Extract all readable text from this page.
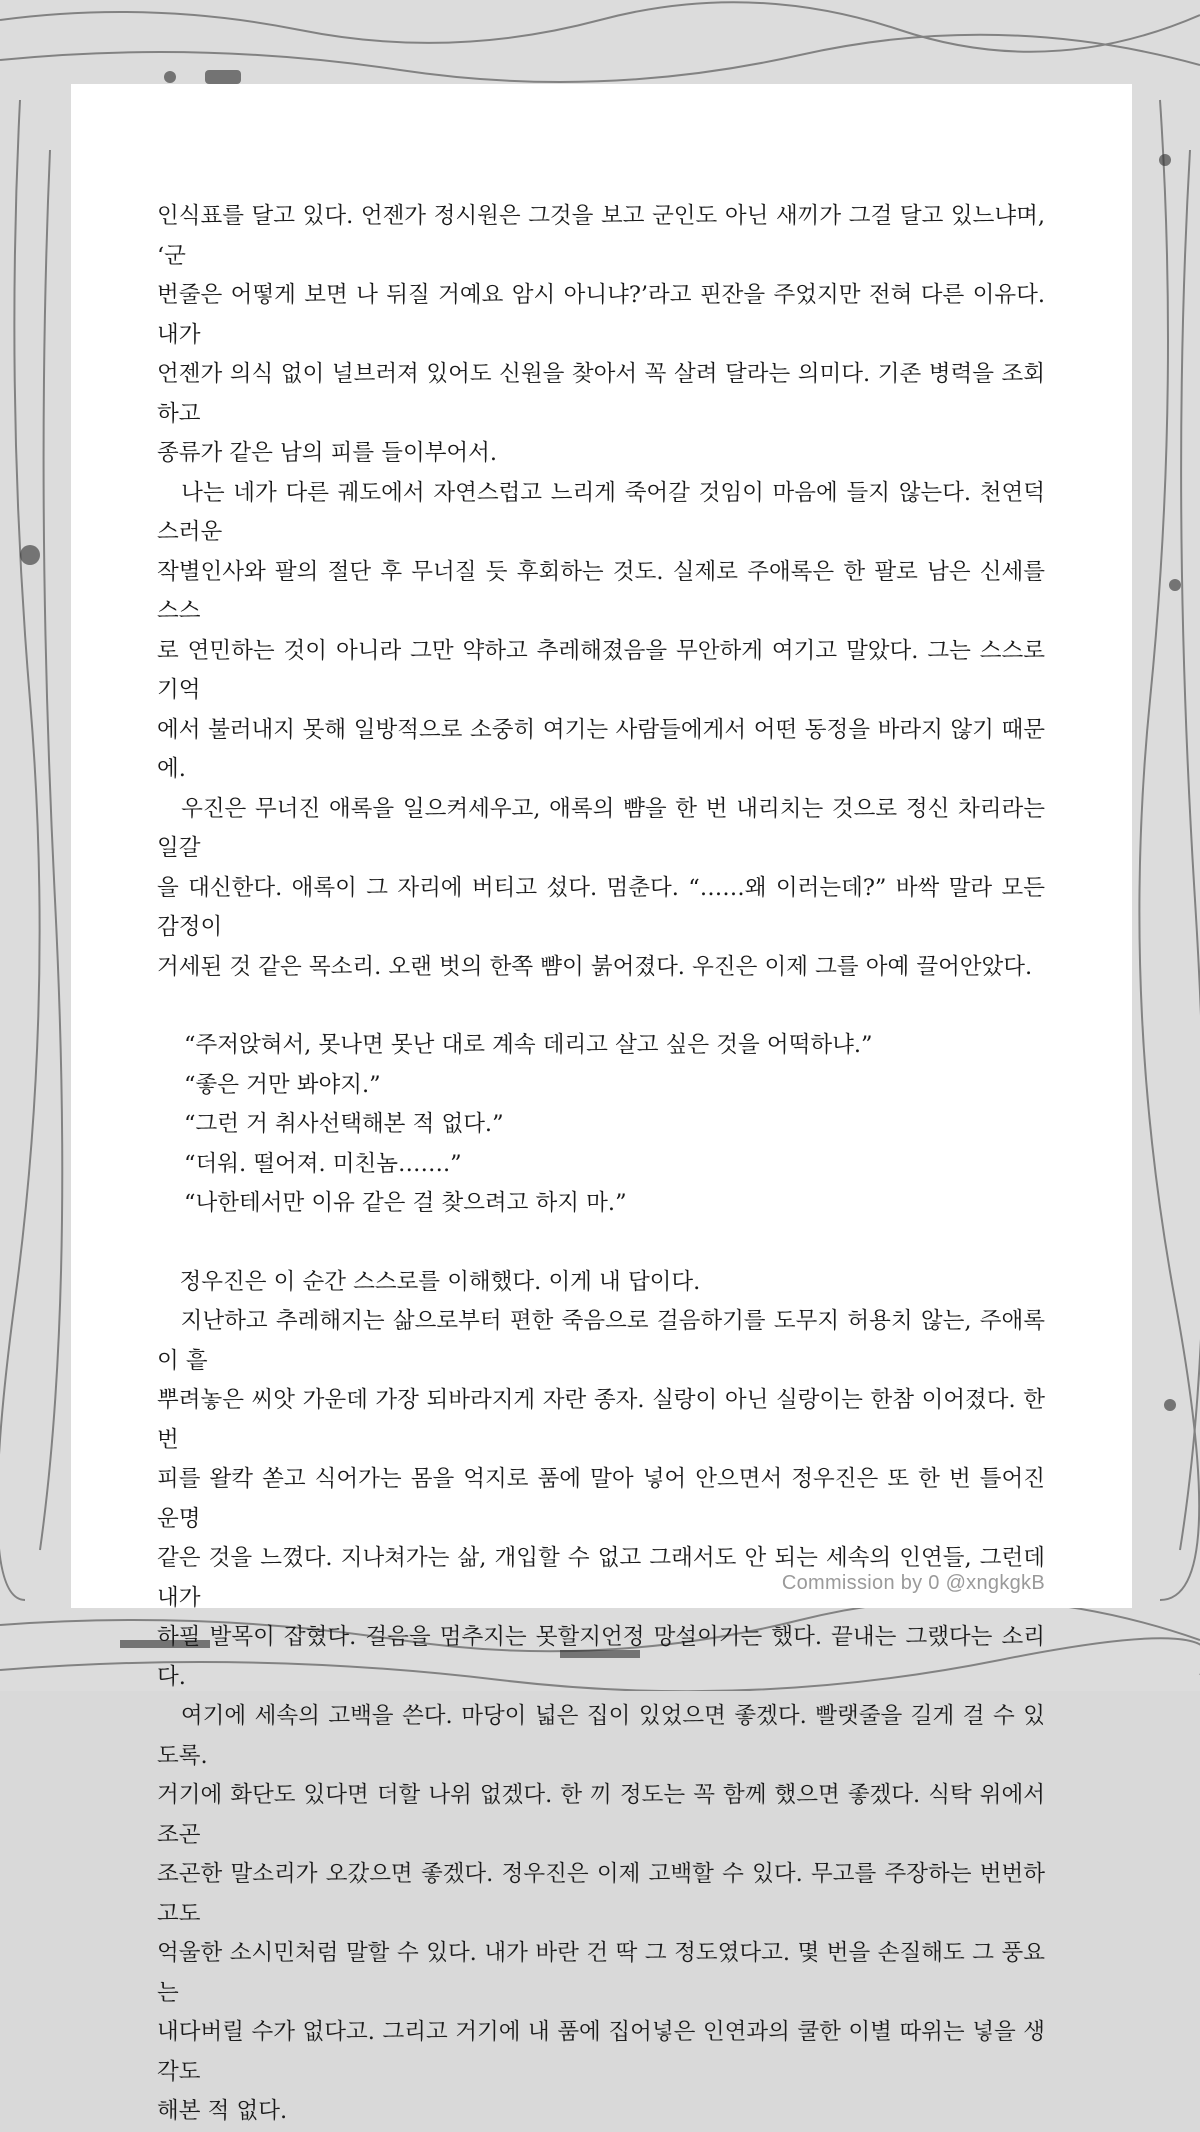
인식표를 달고 있다. 언젠가 정시원은 그것을 보고 군인도 아닌 새끼가 그걸 달고 있느냐며, ‘군
번줄은 어떻게 보면 나 뒤질 거예요 암시 아니냐?’라고 핀잔을 주었지만 전혀 다른 이유다. 내가
언젠가 의식 없이 널브러져 있어도 신원을 찾아서 꼭 살려 달라는 의미다. 기존 병력을 조회하고
종류가 같은 남의 피를 들이부어서.

　나는 네가 다른 궤도에서 자연스럽고 느리게 죽어갈 것임이 마음에 들지 않는다. 천연덕스러운
작별인사와 팔의 절단 후 무너질 듯 후회하는 것도. 실제로 주애록은 한 팔로 남은 신세를 스스
로 연민하는 것이 아니라 그만 약하고 추레해졌음을 무안하게 여기고 말았다. 그는 스스로 기억
에서 불러내지 못해 일방적으로 소중히 여기는 사람들에게서 어떤 동정을 바라지 않기 때문에.

　우진은 무너진 애록을 일으켜세우고, 애록의 뺨을 한 번 내리치는 것으로 정신 차리라는 일갈
을 대신한다. 애록이 그 자리에 버티고 섰다. 멈춘다. “……왜 이러는데?” 바싹 말라 모든 감정이
거세된 것 같은 목소리. 오랜 벗의 한쪽 뺨이 붉어졌다. 우진은 이제 그를 아예 끌어안았다.

“주저앉혀서, 못나면 못난 대로 계속 데리고 살고 싶은 것을 어떡하냐.”

“좋은 거만 봐야지.”

“그런 거 취사선택해본 적 없다.”

“더워. 떨어져. 미친놈…….”

“나한테서만 이유 같은 걸 찾으려고 하지 마.”

　정우진은 이 순간 스스로를 이해했다. 이게 내 답이다.

　지난하고 추레해지는 삶으로부터 편한 죽음으로 걸음하기를 도무지 허용치 않는, 주애록이 흩
뿌려놓은 씨앗 가운데 가장 되바라지게 자란 종자. 실랑이 아닌 실랑이는 한참 이어졌다. 한 번
피를 왈칵 쏟고 식어가는 몸을 억지로 품에 말아 넣어 안으면서 정우진은 또 한 번 틀어진 운명
같은 것을 느꼈다. 지나쳐가는 삶, 개입할 수 없고 그래서도 안 되는 세속의 인연들, 그런데 내가
하필 발목이 잡혔다. 걸음을 멈추지는 못할지언정 망설이기는 했다. 끝내는 그랬다는 소리다.

　여기에 세속의 고백을 쓴다. 마당이 넓은 집이 있었으면 좋겠다. 빨랫줄을 길게 걸 수 있도록.
거기에 화단도 있다면 더할 나위 없겠다. 한 끼 정도는 꼭 함께 했으면 좋겠다. 식탁 위에서 조곤
조곤한 말소리가 오갔으면 좋겠다. 정우진은 이제 고백할 수 있다. 무고를 주장하는 번번하고도
억울한 소시민처럼 말할 수 있다. 내가 바란 건 딱 그 정도였다고. 몇 번을 손질해도 그 풍요는
내다버릴 수가 없다고. 그리고 거기에 내 품에 집어넣은 인연과의 쿨한 이별 따위는 넣을 생각도
해본 적 없다.

Commission by 0 @xngkgkB
